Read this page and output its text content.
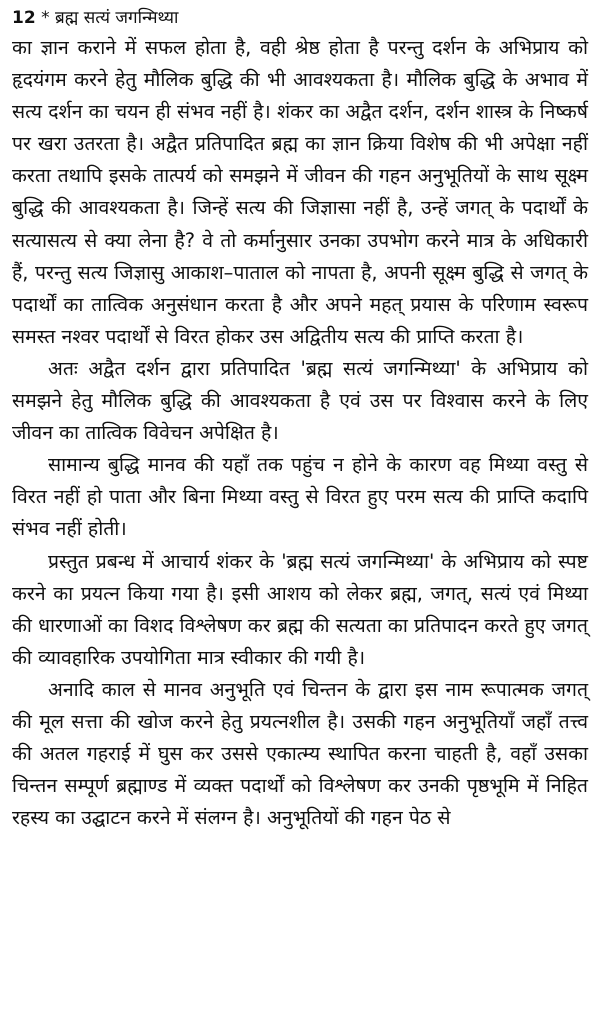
12 * ब्रह्म सत्यं जगन्मिथ्या

का ज्ञान कराने में सफल होता है, वही श्रेष्ठ होता है परन्तु दर्शन के अभिप्राय को हृदयंगम करने हेतु मौलिक बुद्धि की भी आवश्यकता है। मौलिक बुद्धि के अभाव में सत्य दर्शन का चयन ही संभव नहीं है। शंकर का अद्वैत दर्शन, दर्शन शास्त्र के निष्कर्ष पर खरा उतरता है। अद्वैत प्रतिपादित ब्रह्म का ज्ञान क्रिया विशेष की भी अपेक्षा नहीं करता तथापि इसके तात्पर्य को समझने में जीवन की गहन अनुभूतियों के साथ सूक्ष्म बुद्धि की आवश्यकता है। जिन्हें सत्य की जिज्ञासा नहीं है, उन्हें जगत् के पदार्थों के सत्यासत्य से क्या लेना है? वे तो कर्मानुसार उनका उपभोग करने मात्र के अधिकारी हैं, परन्तु सत्य जिज्ञासु आकाश–पाताल को नापता है, अपनी सूक्ष्म बुद्धि से जगत् के पदार्थों का तात्विक अनुसंधान करता है और अपने महत् प्रयास के परिणाम स्वरूप समस्त नश्वर पदार्थों से विरत होकर उस अद्वितीय सत्य की प्राप्ति करता है।

अतः अद्वैत दर्शन द्वारा प्रतिपादित 'ब्रह्म सत्यं जगन्मिथ्या' के अभिप्राय को समझने हेतु मौलिक बुद्धि की आवश्यकता है एवं उस पर विश्वास करने के लिए जीवन का तात्विक विवेचन अपेक्षित है।

सामान्य बुद्धि मानव की यहाँ तक पहुंच न होने के कारण वह मिथ्या वस्तु से विरत नहीं हो पाता और बिना मिथ्या वस्तु से विरत हुए परम सत्य की प्राप्ति कदापि संभव नहीं होती।

प्रस्तुत प्रबन्ध में आचार्य शंकर के 'ब्रह्म सत्यं जगन्मिथ्या' के अभिप्राय को स्पष्ट करने का प्रयत्न किया गया है। इसी आशय को लेकर ब्रह्म, जगत्, सत्यं एवं मिथ्या की धारणाओं का विशद विश्लेषण कर ब्रह्म की सत्यता का प्रतिपादन करते हुए जगत् की व्यावहारिक उपयोगिता मात्र स्वीकार की गयी है।

अनादि काल से मानव अनुभूति एवं चिन्तन के द्वारा इस नाम रूपात्मक जगत् की मूल सत्ता की खोज करने हेतु प्रयत्नशील है। उसकी गहन अनुभूतियाँ जहाँ तत्त्व की अतल गहराई में घुस कर उससे एकात्म्य स्थापित करना चाहती है, वहाँ उसका चिन्तन सम्पूर्ण ब्रह्माण्ड में व्यक्त पदार्थों को विश्लेषण कर उनकी पृष्ठभूमि में निहित रहस्य का उद्घाटन करने में संलग्न है। अनुभूतियों की गहन पेठ से
